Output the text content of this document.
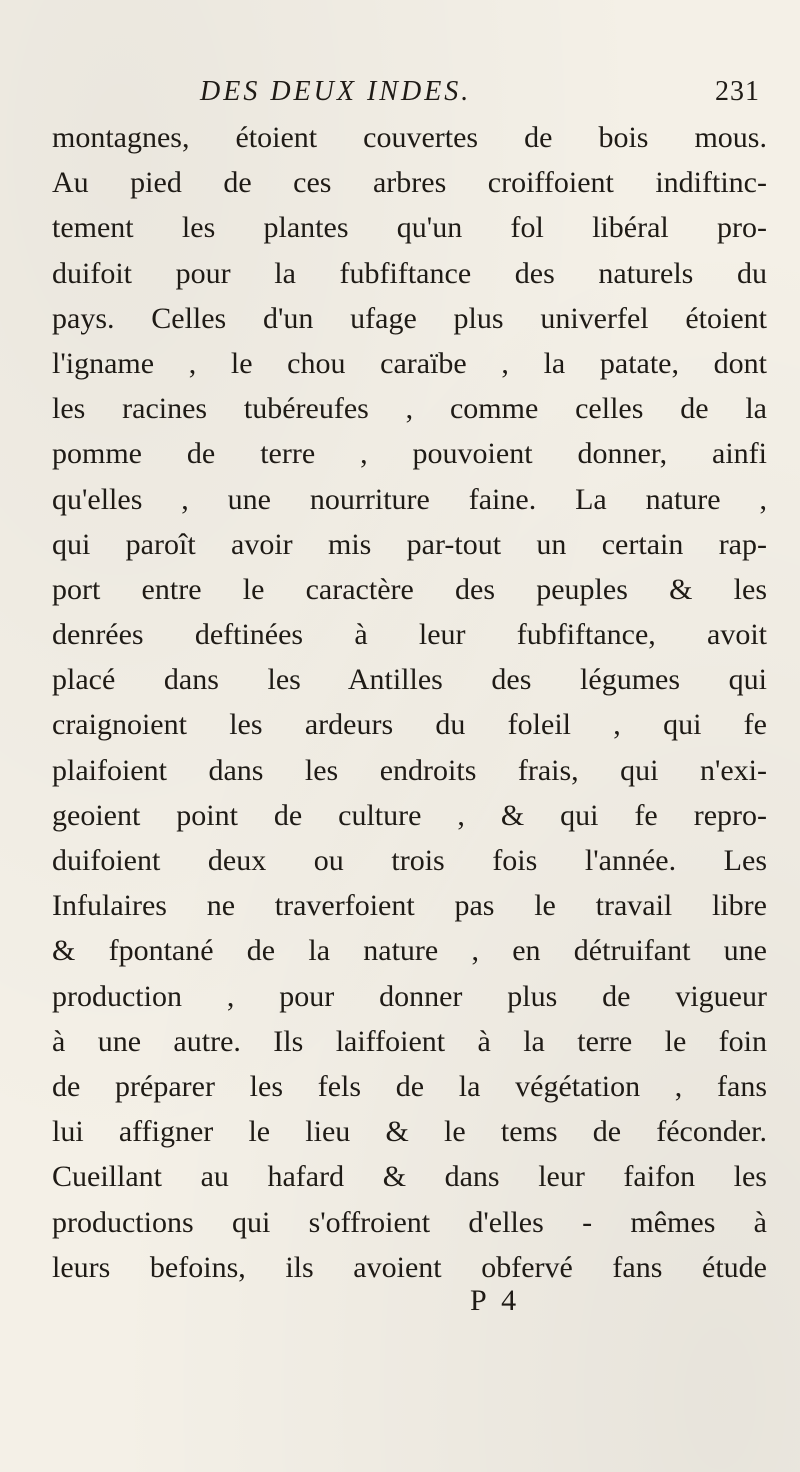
DES DEUX INDES.	231
montagnes, étoient couvertes de bois mous.
Au pied de ces arbres croiffoient indiftinc-
tement les plantes qu'un fol libéral pro-
duifoit pour la fubfiftance des naturels du
pays. Celles d'un ufage plus univerfel étoient
l'igname , le chou caraïbe , la patate, dont
les racines tubéreufes , comme celles de la
pomme de terre , pouvoient donner, ainfi
qu'elles , une nourriture faine. La nature ,
qui paroît avoir mis par-tout un certain rap-
port entre le caractère des peuples & les
denrées deftinées à leur fubfiftance, avoit
placé dans les Antilles des légumes qui
craignoient les ardeurs du foleil , qui fe
plaifoient dans les endroits frais, qui n'exi-
geoient point de culture , & qui fe repro-
duifoient deux ou trois fois l'année. Les
Infulaires ne traverfoient pas le travail libre
& fpontané de la nature , en détruifant une
production , pour donner plus de vigueur
à une autre. Ils laiffoient à la terre le foin
de préparer les fels de la végétation , fans
lui affigner le lieu & le tems de féconder.
Cueillant au hafard & dans leur faifon les
productions qui s'offroient d'elles - mêmes à
leurs befoins, ils avoient obfervé fans étude
P 4
